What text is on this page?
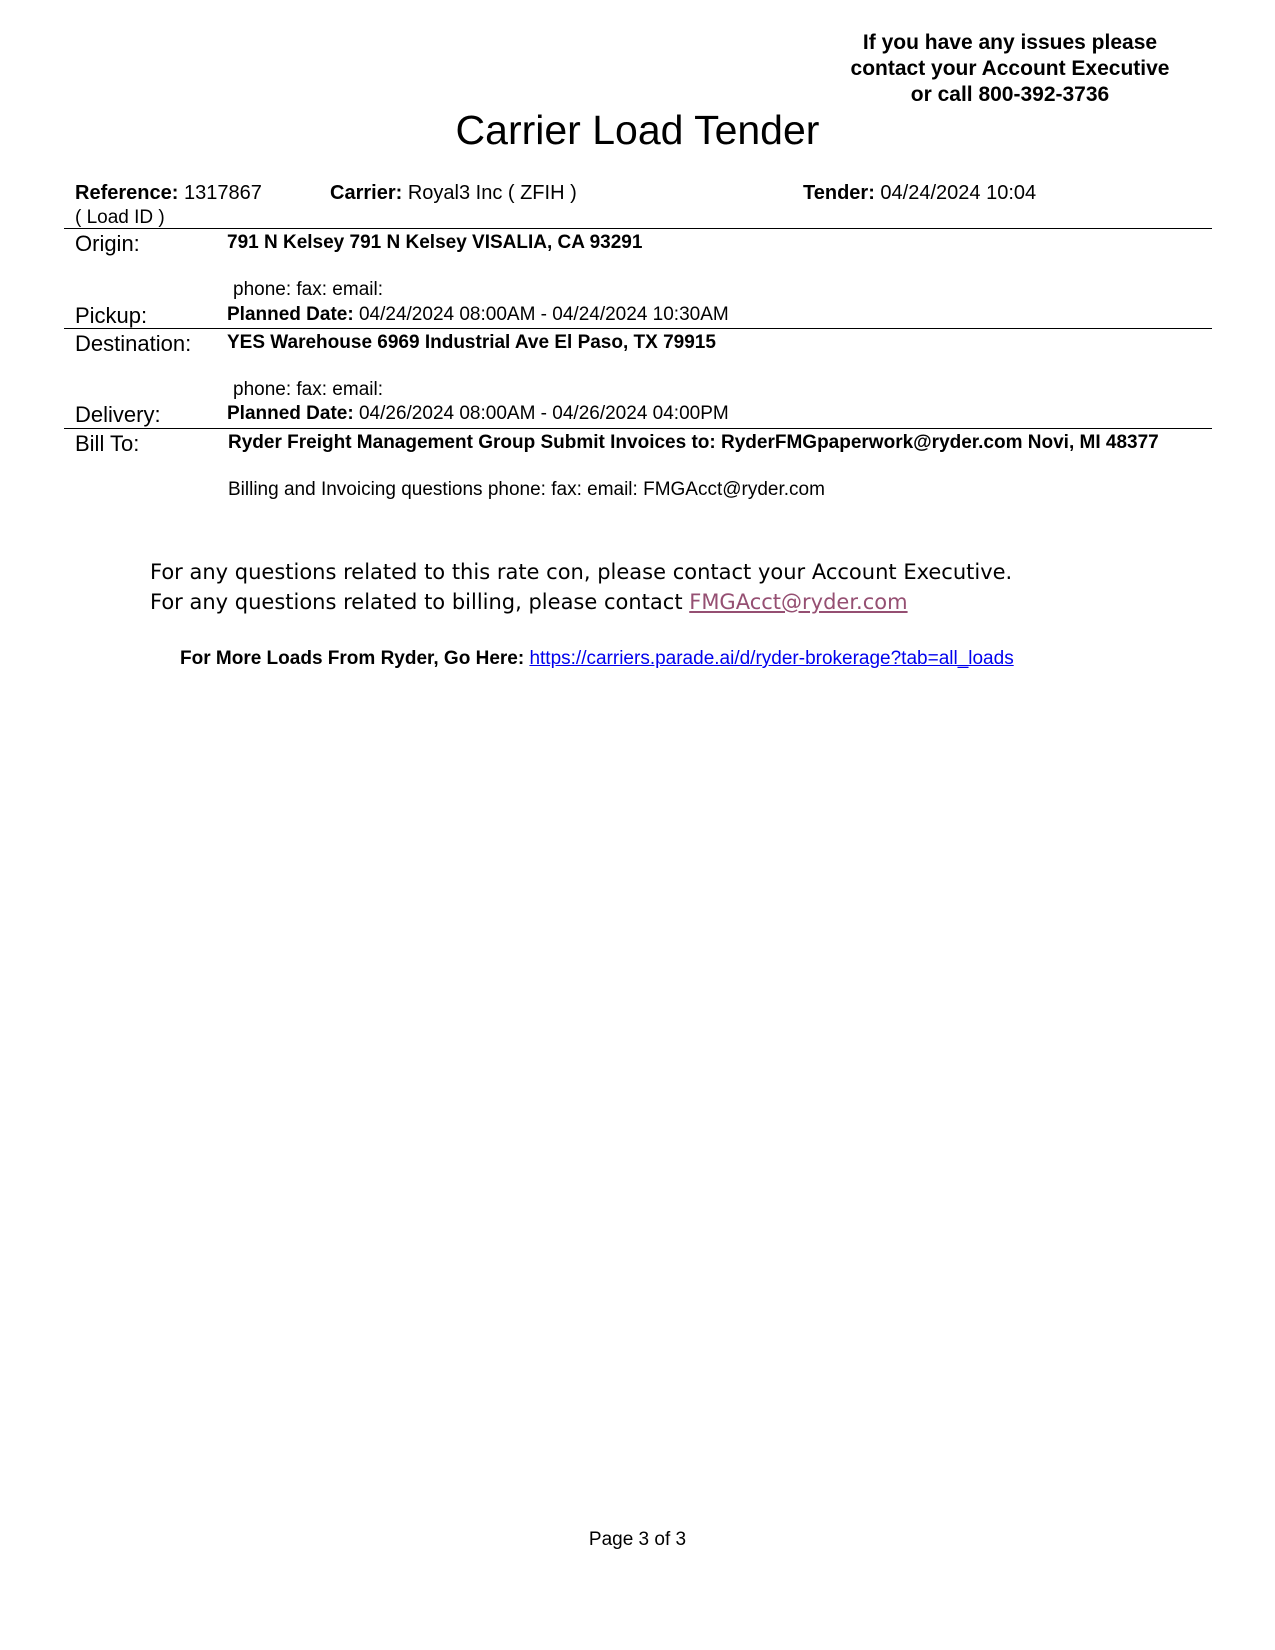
If you have any issues please
contact your Account Executive
or call 800-392-3736
Carrier Load Tender
Reference: 1317867
( Load ID )
Carrier: Royal3 Inc ( ZFIH )	Tender: 04/24/2024 10:04
Origin:	791 N Kelsey 791 N Kelsey VISALIA, CA 93291
phone: fax: email:
Pickup:	Planned Date: 04/24/2024 08:00AM - 04/24/2024 10:30AM
Destination: YES Warehouse 6969 Industrial Ave El Paso, TX 79915
phone: fax: email:
Delivery:	Planned Date: 04/26/2024 08:00AM - 04/26/2024 04:00PM
Bill To:	Ryder Freight Management Group Submit Invoices to: RyderFMGpaperwork@ryder.com Novi, MI 48377
Billing and Invoicing questions phone: fax: email: FMGAcct@ryder.com
For any questions related to this rate con, please contact your Account Executive.
For any questions related to billing, please contact FMGAcct@ryder.com
For More Loads From Ryder, Go Here: https://carriers.parade.ai/d/ryder-brokerage?tab=all_loads
Page 3 of 3
